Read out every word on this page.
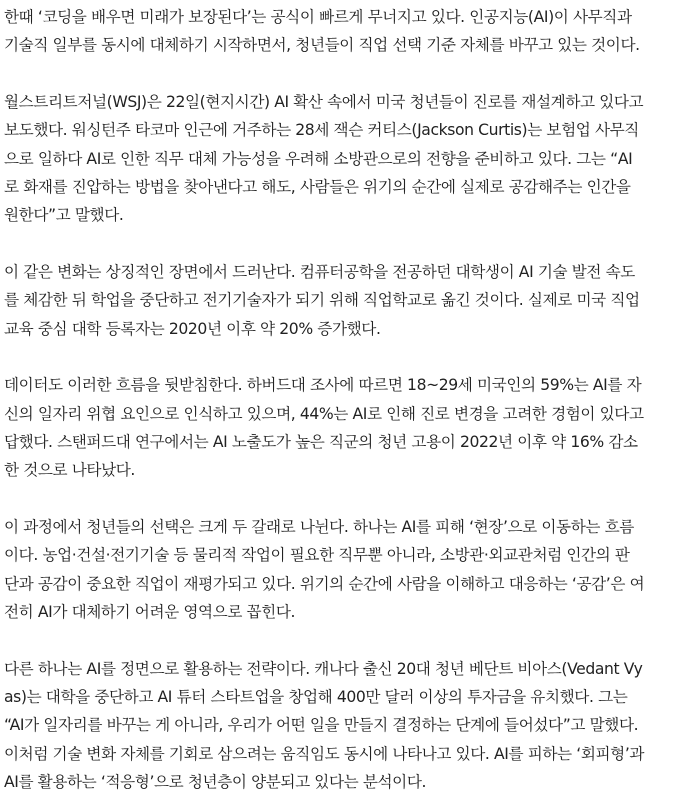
한때 ‘코딩을 배우면 미래가 보장된다’는 공식이 빠르게 무너지고 있다. 인공지능(AI)이 사무직과
기술직 일부를 동시에 대체하기 시작하면서, 청년들이 직업 선택 기준 자체를 바꾸고 있는 것이다.

월스트리트저널(WSJ)은 22일(현지시간) AI 확산 속에서 미국 청년들이 진로를 재설계하고 있다고
보도했다. 워싱턴주 타코마 인근에 거주하는 28세 잭슨 커티스(Jackson Curtis)는 보험업 사무직
으로 일하다 AI로 인한 직무 대체 가능성을 우려해 소방관으로의 전향을 준비하고 있다. 그는 “AI
로 화재를 진압하는 방법을 찾아낸다고 해도, 사람들은 위기의 순간에 실제로 공감해주는 인간을
원한다”고 말했다.

이 같은 변화는 상징적인 장면에서 드러난다. 컴퓨터공학을 전공하던 대학생이 AI 기술 발전 속도
를 체감한 뒤 학업을 중단하고 전기기술자가 되기 위해 직업학교로 옮긴 것이다. 실제로 미국 직업
교육 중심 대학 등록자는 2020년 이후 약 20% 증가했다.

데이터도 이러한 흐름을 뒷받침한다. 하버드대 조사에 따르면 18~29세 미국인의 59%는 AI를 자
신의 일자리 위협 요인으로 인식하고 있으며, 44%는 AI로 인해 진로 변경을 고려한 경험이 있다고
답했다. 스탠퍼드대 연구에서는 AI 노출도가 높은 직군의 청년 고용이 2022년 이후 약 16% 감소
한 것으로 나타났다.

이 과정에서 청년들의 선택은 크게 두 갈래로 나뉜다. 하나는 AI를 피해 ‘현장’으로 이동하는 흐름
이다. 농업·건설·전기기술 등 물리적 작업이 필요한 직무뿐 아니라, 소방관·외교관처럼 인간의 판
단과 공감이 중요한 직업이 재평가되고 있다. 위기의 순간에 사람을 이해하고 대응하는 ‘공감’은 여
전히 AI가 대체하기 어려운 영역으로 꼽힌다.

다른 하나는 AI를 정면으로 활용하는 전략이다. 캐나다 출신 20대 청년 베단트 비아스(Vedant Vy
as)는 대학을 중단하고 AI 튜터 스타트업을 창업해 400만 달러 이상의 투자금을 유치했다. 그는
“AI가 일자리를 바꾸는 게 아니라, 우리가 어떤 일을 만들지 결정하는 단계에 들어섰다”고 말했다.
이처럼 기술 변화 자체를 기회로 삼으려는 움직임도 동시에 나타나고 있다. AI를 피하는 ‘회피형’과
AI를 활용하는 ‘적응형’으로 청년층이 양분되고 있다는 분석이다.
